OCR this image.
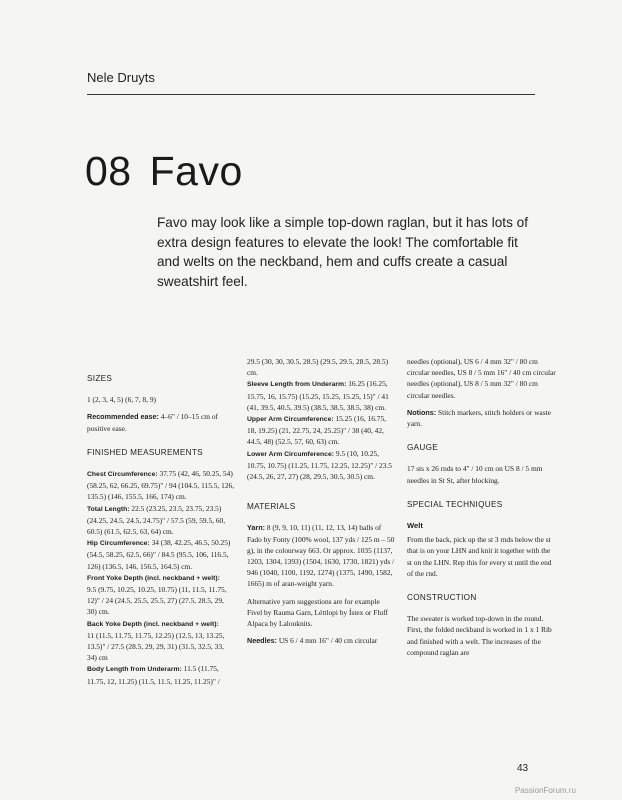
Nele Druyts
08 Favo
Favo may look like a simple top-down raglan, but it has lots of extra design features to elevate the look! The comfortable fit and welts on the neckband, hem and cuffs create a casual sweatshirt feel.
SIZES
1 (2, 3, 4, 5) (6, 7, 8, 9)
Recommended ease: 4–6" / 10–15 cm of positive ease.
FINISHED MEASUREMENTS
Chest Circumference: 37.75 (42, 46, 50.25, 54) (58.25, 62, 66.25, 69.75)" / 94 (104.5, 115.5, 126, 135.5) (146, 155.5, 166, 174) cm.
Total Length: 22.5 (23.25, 23.5, 23.75, 23.5) (24.25, 24.5, 24.5, 24.75)" / 57.5 (59, 59.5, 60, 60.5) (61.5, 62.5, 63, 64) cm.
Hip Circumference: 34 (38, 42.25, 46.5, 50.25) (54.5, 58.25, 62.5, 66)" / 84.5 (95.5, 106, 116.5, 126) (136.5, 146, 156.5, 164.5) cm.
Front Yoke Depth (incl. neckband + welt):
9.5 (9.75, 10.25, 10.25, 10.75) (11, 11.5, 11.75, 12)" / 24 (24.5, 25.5, 25.5, 27) (27.5, 28.5, 29, 30) cm.
Back Yoke Depth (incl. neckband + welt):
11 (11.5, 11.75, 11.75, 12.25) (12.5, 13, 13.25, 13.5)" / 27.5 (28.5, 29, 29, 31) (31.5, 32.5, 33, 34) cm
Body Length from Underarm: 11.5 (11.75, 11.75, 12, 11.25) (11.5, 11.5, 11.25, 11.25)" /
29.5 (30, 30, 30.5, 28.5) (29.5, 29.5, 28.5, 28.5) cm.
Sleeve Length from Underarm: 16.25 (16.25, 15.75, 16, 15.75) (15.25, 15.25, 15.25, 15)" / 41 (41, 39.5, 40.5, 39.5) (38.5, 38.5, 38.5, 38) cm.
Upper Arm Circumference: 15.25 (16, 16.75, 18, 19.25) (21, 22.75, 24, 25.25)" / 38 (40, 42, 44.5, 48) (52.5, 57, 60, 63) cm.
Lower Arm Circumference: 9.5 (10, 10.25, 10.75, 10.75) (11.25, 11.75, 12.25, 12.25)" / 23.5 (24.5, 26, 27, 27) (28, 29.5, 30.5, 30.5) cm.
MATERIALS
Yarn: 8 (9, 9, 10, 11) (11, 12, 13, 14) balls of Fado by Fonty (100% wool, 137 yds / 125 m – 50 g), in the colourway 663. Or approx. 1035 (1137, 1203, 1304, 1393) (1504, 1630, 1730, 1821) yds / 946 (1040, 1100, 1192, 1274) (1375, 1490, 1582, 1665) m of aran-weight yarn.
Alternative yarn suggestions are for example Fivel by Rauma Garn, Léttlopi by Ístex or Fluff Alpaca by Lalouknits.
Needles: US 6 / 4 mm 16" / 40 cm circular
needles (optional), US 6 / 4 mm 32" / 80 cm circular needles, US 8 / 5 mm 16" / 40 cm circular needles (optional), US 8 / 5 mm 32" / 80 cm circular needles.
Notions: Stitch markers, stitch holders or waste yarn.
GAUGE
17 sts x 26 rnds to 4" / 10 cm on US 8 / 5 mm needles in St St, after blocking.
SPECIAL TECHNIQUES
Welt
From the back, pick up the st 3 rnds below the st that is on your LHN and knit it together with the st on the LHN. Rep this for every st until the end of the rnd.
CONSTRUCTION
The sweater is worked top-down in the round. First, the folded neckband is worked in 1 x 1 Rib and finished with a welt. The increases of the compound raglan are
43
PassionForum.ru
